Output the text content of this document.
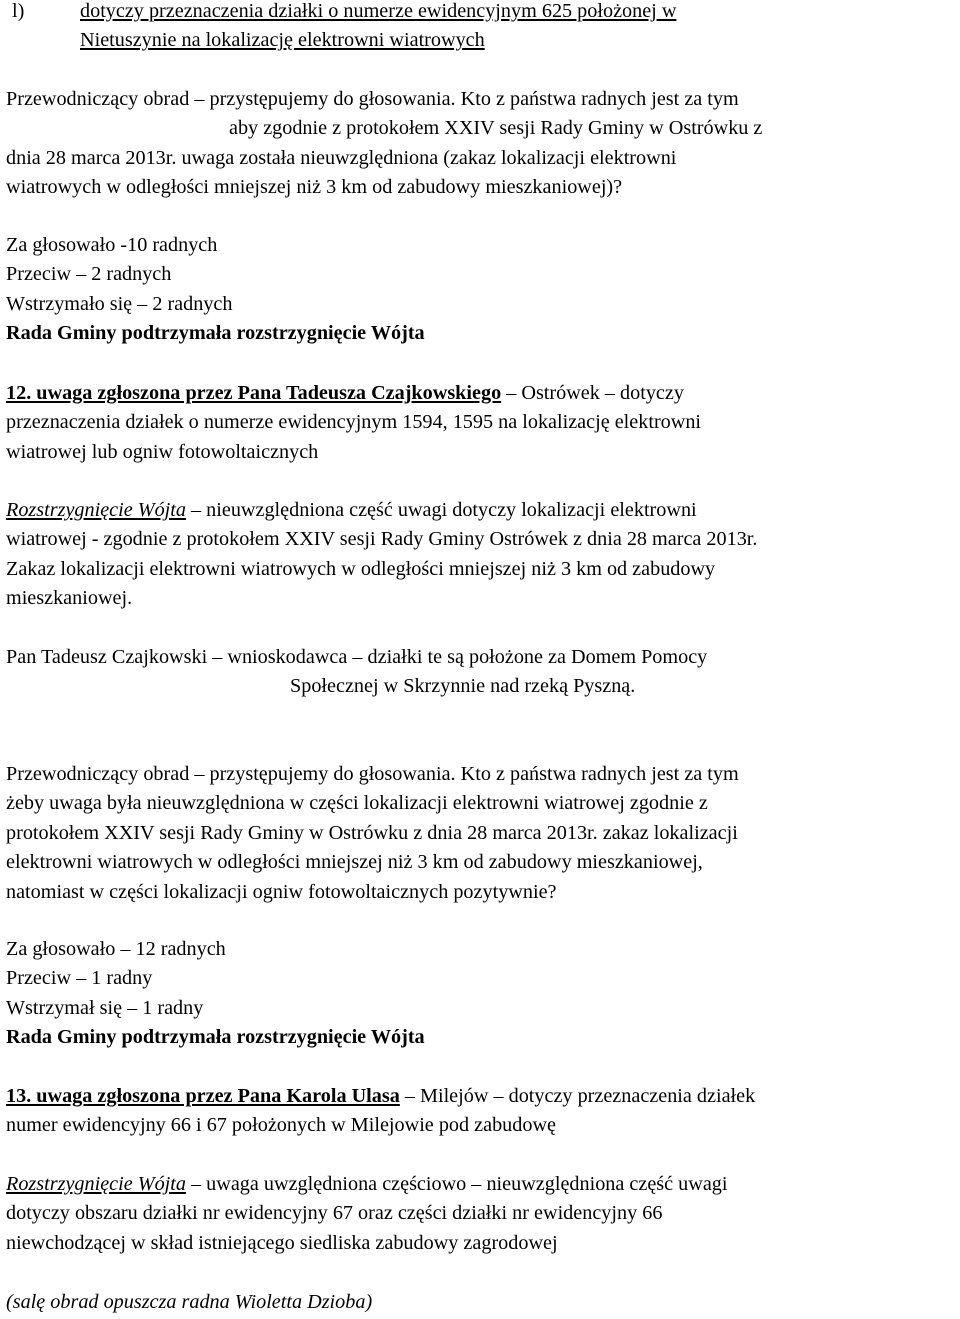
l)	dotyczy przeznaczenia działki o numerze ewidencyjnym 625 położonej w
Nietuszynie na lokalizację elektrowni wiatrowych
Przewodniczący obrad – przystępujemy do głosowania. Kto z państwa radnych jest za tym
aby zgodnie z protokołem XXIV sesji Rady Gminy w Ostrówku z
dnia 28 marca 2013r. uwaga została nieuwzględniona (zakaz lokalizacji elektrowni
wiatrowych w odległości mniejszej niż 3 km od zabudowy mieszkaniowej)?
Za głosowało -10 radnych
Przeciw – 2 radnych
Wstrzymało się – 2 radnych
Rada Gminy podtrzymała rozstrzygnięcie Wójta
12. uwaga zgłoszona przez Pana Tadeusza Czajkowskiego – Ostrówek – dotyczy
przeznaczenia działek o numerze ewidencyjnym 1594, 1595 na lokalizację elektrowni
wiatrowej lub ogniw fotowoltaicznych
Rozstrzygnięcie Wójta – nieuwzględniona część uwagi dotyczy lokalizacji elektrowni
wiatrowej - zgodnie z protokołem XXIV sesji Rady Gminy Ostrówek z dnia 28 marca 2013r.
Zakaz lokalizacji elektrowni wiatrowych w odległości mniejszej niż 3 km od zabudowy
mieszkaniowej.
Pan Tadeusz Czajkowski – wnioskodawca – działki te są położone za Domem Pomocy
Społecznej w Skrzynnie nad rzeką Pyszną.
Przewodniczący obrad – przystępujemy do głosowania. Kto z państwa radnych jest za tym
żeby uwaga była nieuwzględniona w części lokalizacji elektrowni wiatrowej zgodnie z
protokołem XXIV sesji Rady Gminy w Ostrówku z dnia 28 marca 2013r. zakaz lokalizacji
elektrowni wiatrowych w odległości mniejszej niż 3 km od zabudowy mieszkaniowej,
natomiast w części lokalizacji ogniw fotowoltaicznych pozytywnie?
Za głosowało – 12 radnych
Przeciw – 1 radny
Wstrzymał się – 1 radny
Rada Gminy podtrzymała rozstrzygnięcie Wójta
13. uwaga zgłoszona przez Pana Karola Ulasa – Milejów – dotyczy przeznaczenia działek
numer ewidencyjny 66 i 67 położonych w Milejowie pod zabudowę
Rozstrzygnięcie Wójta – uwaga uwzględniona częściowo – nieuwzględniona część uwagi
dotyczy obszaru działki nr ewidencyjny 67 oraz części działki nr ewidencyjny 66
niewchodzącej w skład istniejącego siedliska zabudowy zagrodowej
(salę obrad opuszcza radna Wioletta Dzioba)
